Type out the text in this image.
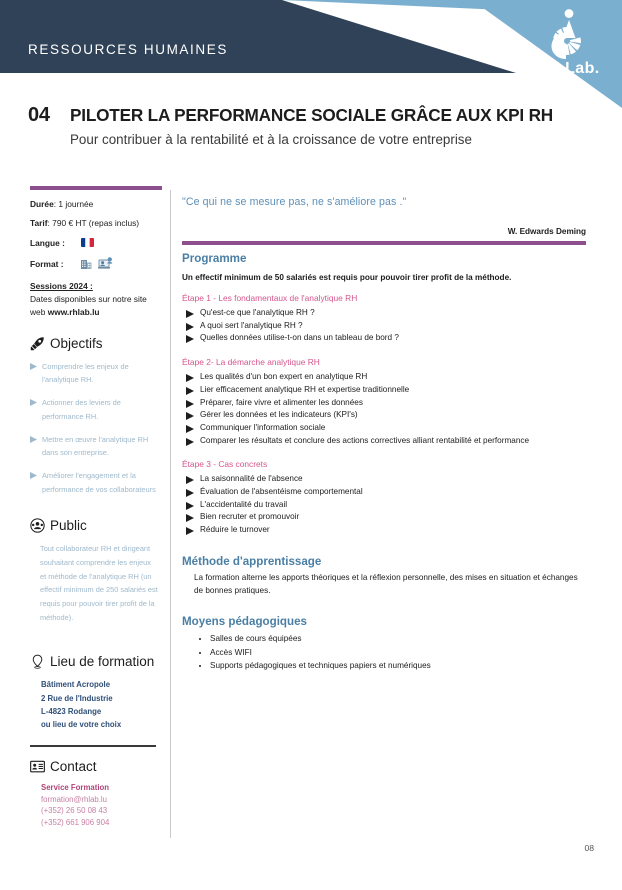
RESSOURCES HUMAINES
RH Lab.
04	PILOTER LA PERFORMANCE SOCIALE GRÂCE AUX KPI RH
Pour contribuer à la rentabilité et à la croissance de votre entreprise
Durée: 1 journée
Tarif: 790 € HT (repas inclus)
Langue :
Format :
Sessions 2024 :
Dates disponibles sur notre site
web www.rhlab.lu
Objectifs
Comprendre les enjeux de l'analytique RH.
Actionner des leviers de performance RH.
Mettre en œuvre l'analytique RH dans son entreprise.
Améliorer l'engagement et la performance de vos collaborateurs
Public
Tout collaborateur RH et dirigeant souhaitant comprendre les enjeux et méthode de l'analytique RH (un effectif minimum de 250 salariés est requis pour pouvoir tirer profit de la méthode).
Lieu de formation
Bâtiment Acropole
2 Rue de l'Industrie
L-4823 Rodange
ou lieu de votre choix
Contact
Service Formation
formation@rhlab.lu
(+352) 26 50 08 43
(+352) 661 906 904
"Ce qui ne se mesure pas, ne s'améliore pas ."
W. Edwards Deming
Programme
Un effectif minimum de 50 salariés est requis pour pouvoir tirer profit de la méthode.
Étape 1 - Les fondamentaux de l'analytique RH
Qu'est-ce que l'analytique RH ?
A quoi sert l'analytique RH ?
Quelles données utilise-t-on dans un tableau de bord ?
Étape 2- La démarche analytique RH
Les qualités d'un bon expert en analytique RH
Lier efficacement analytique RH et expertise traditionnelle
Préparer, faire vivre et alimenter les données
Gérer les données et les indicateurs (KPI's)
Communiquer l'information sociale
Comparer les résultats et conclure des actions correctives alliant rentabilité et performance
Étape 3 - Cas concrets
La saisonnalité de l'absence
Évaluation de l'absentéisme comportemental
L'accidentalité du travail
Bien recruter et promouvoir
Réduire le turnover
Méthode d'apprentissage
La formation alterne les apports théoriques et la réflexion personnelle, des mises en situation et échanges de bonnes pratiques.
Moyens pédagogiques
• Salles de cours équipées
• Accès WIFI
• Supports pédagogiques et techniques papiers et numériques
08
